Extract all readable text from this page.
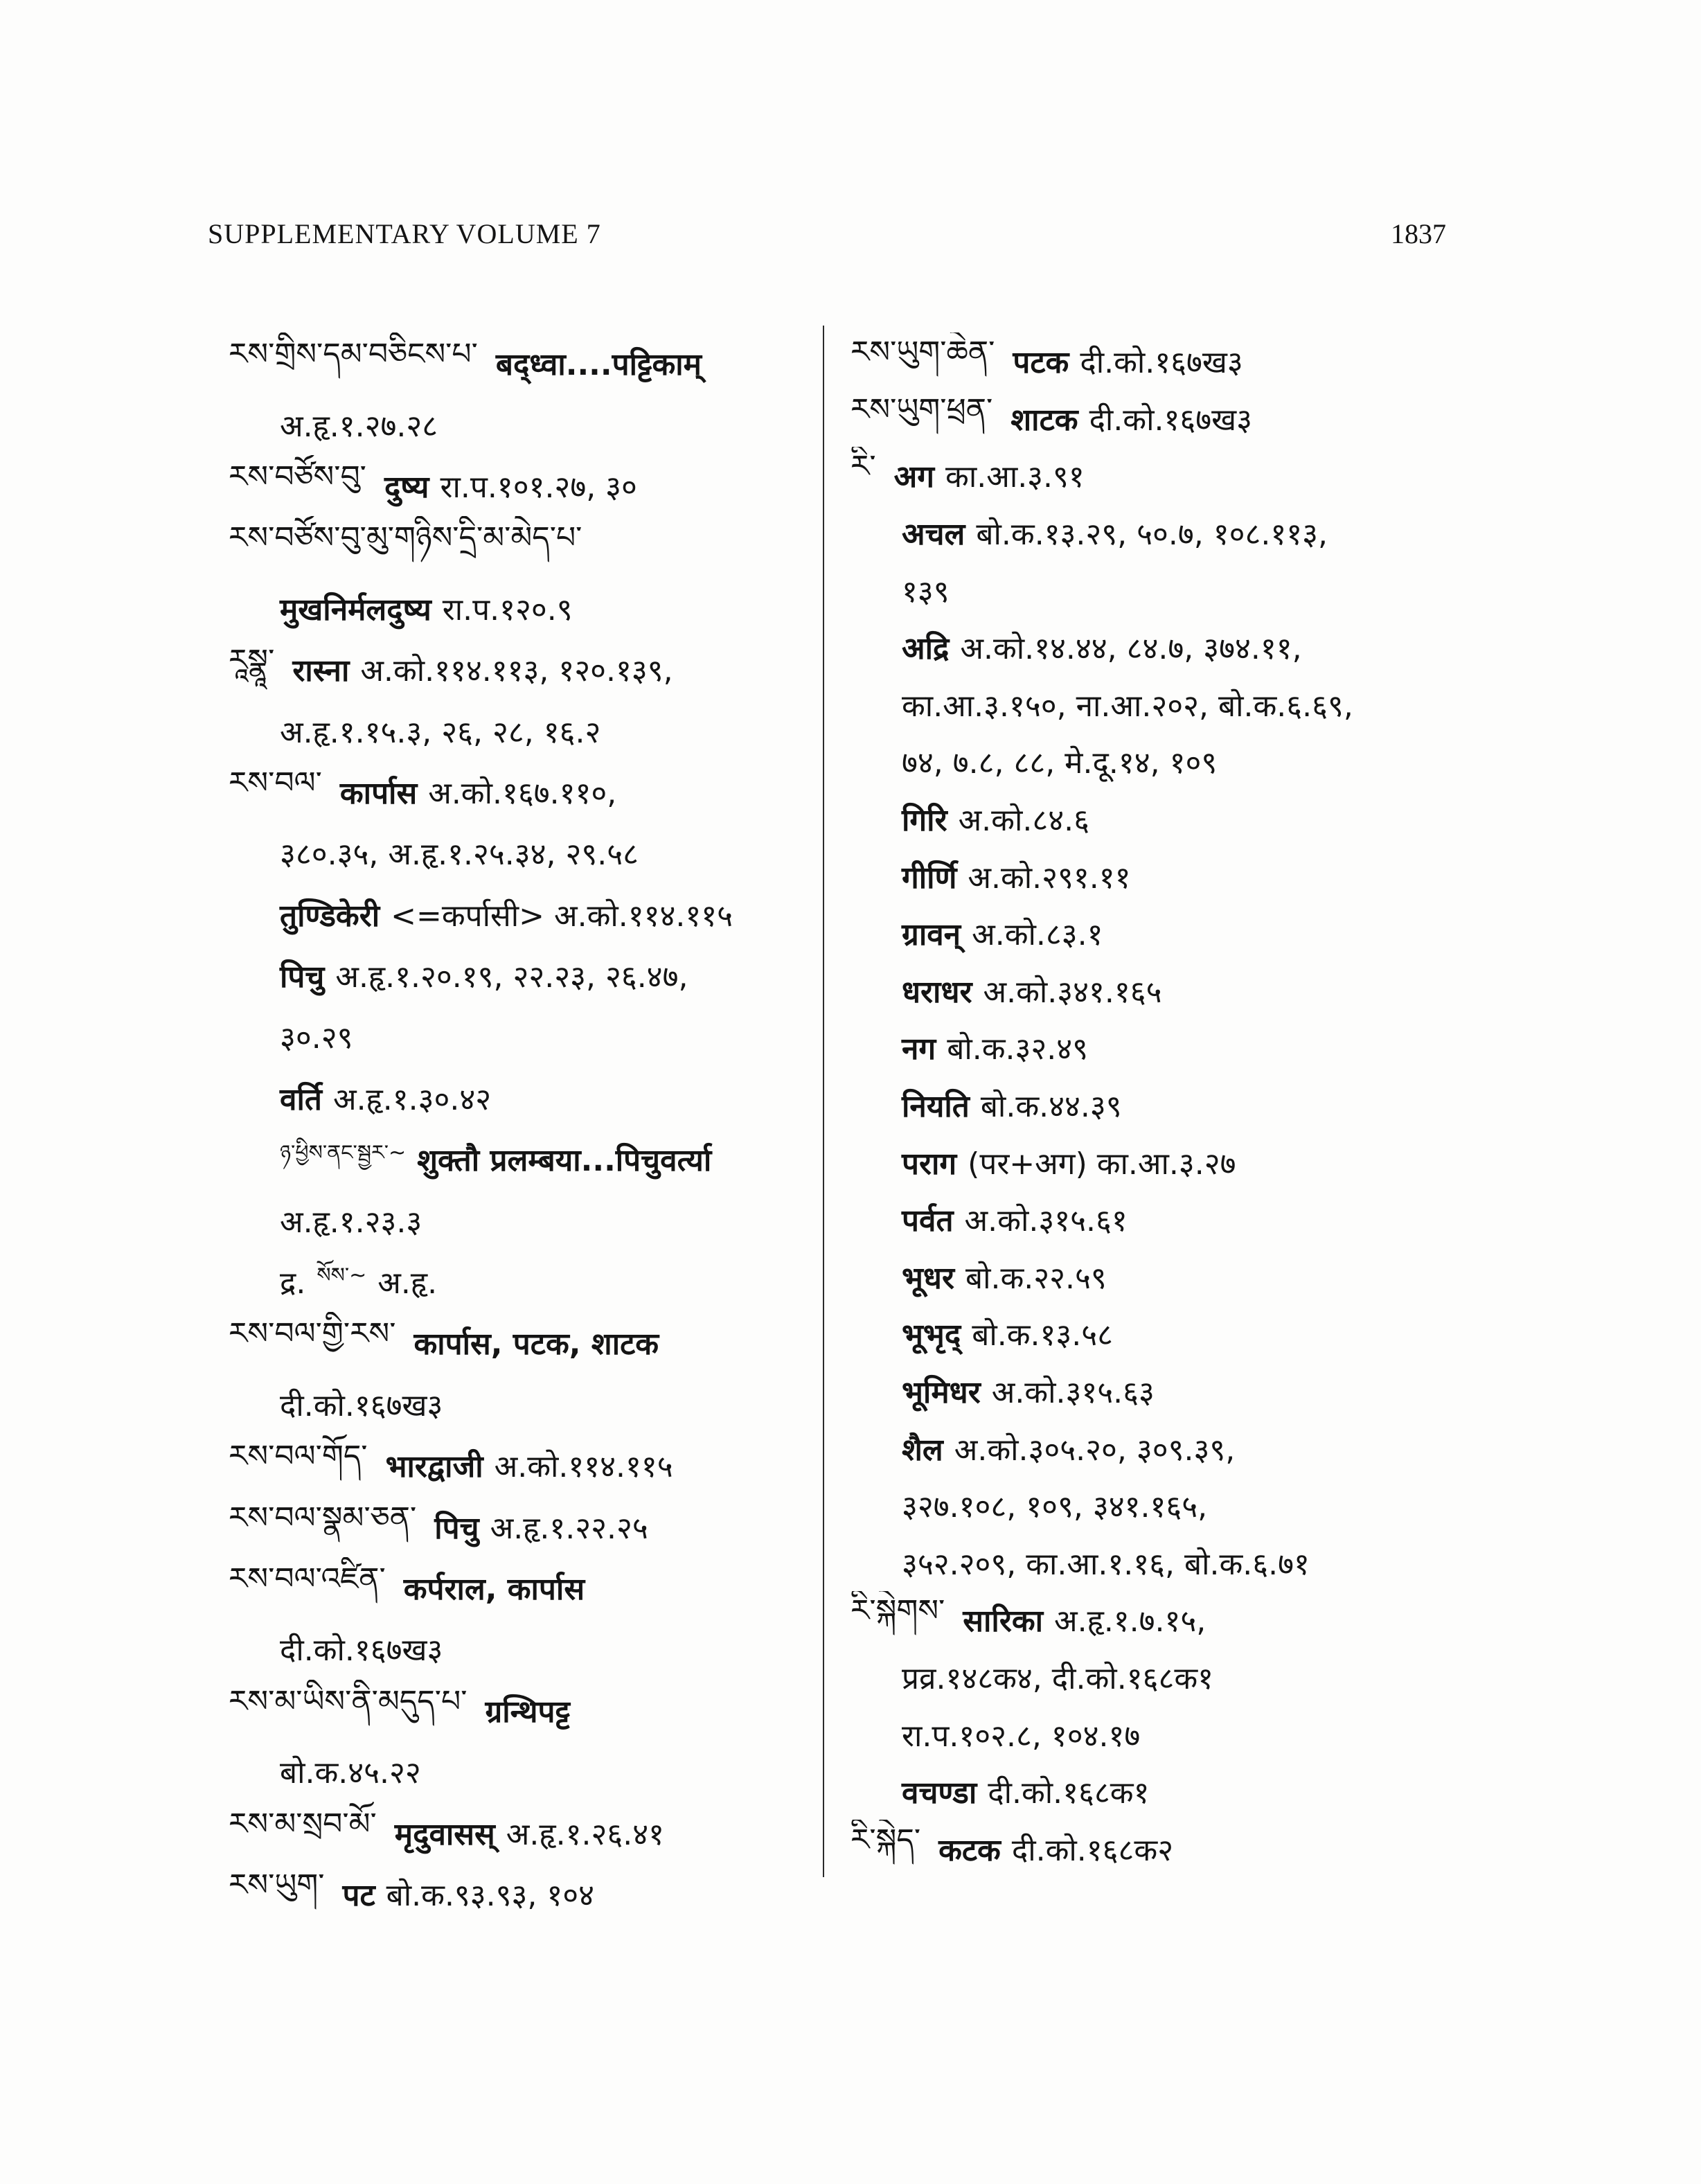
SUPPLEMENTARY VOLUME 7	1837
རས་གྲིས་དམ་བཅིངས་པ་ बद्ध्वा....पट्टिकाम्
अ.हृ.१.२७.२८
རས་བཙོས་བུ་ दुष्य रा.प.१०१.२७, ३०
རས་བཙོས་བུ་མུ་གཉིས་དྲི་མ་མེད་པ་
मुखनिर्मलदुष्य रा.प.१२०.९
རཱསྣཱ་ रास्ना अ.को.११४.११३, १२०.१३९,
अ.हृ.१.१५.३, २६, २८, १६.२
རས་བལ་ कार्पास अ.को.१६७.११०,
३८०.३५, अ.हृ.१.२५.३४, २९.५८
तुण्डिकेरी <=कर्पासी> अ.को.११४.११५
पिचु अ.हृ.१.२०.१९, २२.२३, २६.४७,
३०.२९
वर्ति अ.हृ.१.३०.४२
ཉ་ཕྱིས་ནང་སྦྱར་~ शुक्तौ प्रलम्बया...पिचुवर्त्या
अ.हृ.१.२३.३
द्र. སོས་~ अ.हृ.
རས་བལ་གྱི་རས་ कार्पास, पटक, शाटक
दी.को.१६७ख३
རས་བལ་གོད་ भारद्वाजी अ.को.११४.११५
རས་བལ་སྣམ་ཅན་ पिचु अ.हृ.१.२२.२५
རས་བལ་འཛིན་ कर्पराल, कार्पास
दी.को.१६७ख३
རས་མ་ཡིས་ནི་མདུད་པ་ ग्रन्थिपट्ट
बो.क.४५.२२
རས་མ་སྲབ་མོ་ मृदुवासस् अ.हृ.१.२६.४१
རས་ཡུག་ पट बो.क.९३.९३, १०४
རས་ཡུག་ཆེན་ पटक दी.को.१६७ख३
རས་ཡུག་ཕྲན་ शाटक दी.को.१६७ख३
རི་ अग का.आ.३.९१
अचल बो.क.१३.२९, ५०.७, १०८.११३,
१३९
अद्रि अ.को.१४.४४, ८४.७, ३७४.११,
का.आ.३.१५०, ना.आ.२०२, बो.क.६.६९,
७४, ७.८, ८८, मे.दू.१४, १०९
गिरि अ.को.८४.६
गीर्णि अ.को.२९१.११
ग्रावन् अ.को.८३.१
धराधर अ.को.३४१.१६५
नग बो.क.३२.४९
नियति बो.क.४४.३९
पराग (पर+अग) का.आ.३.२७
पर्वत अ.को.३१५.६१
भूधर बो.क.२२.५९
भूभृद् बो.क.१३.५८
भूमिधर अ.को.३१५.६३
शैल अ.को.३०५.२०, ३०९.३९,
३२७.१०८, १०९, ३४१.१६५,
३५२.२०९, का.आ.१.१६, बो.क.६.७१
རི་སྐེགས་ सारिका अ.हृ.१.७.१५,
प्रव्र.१४८क४, दी.को.१६८क१
रा.प.१०२.८, १०४.१७
वचण्डा दी.को.१६८क१
རི་སྐེད་ कटक दी.को.१६८क२
